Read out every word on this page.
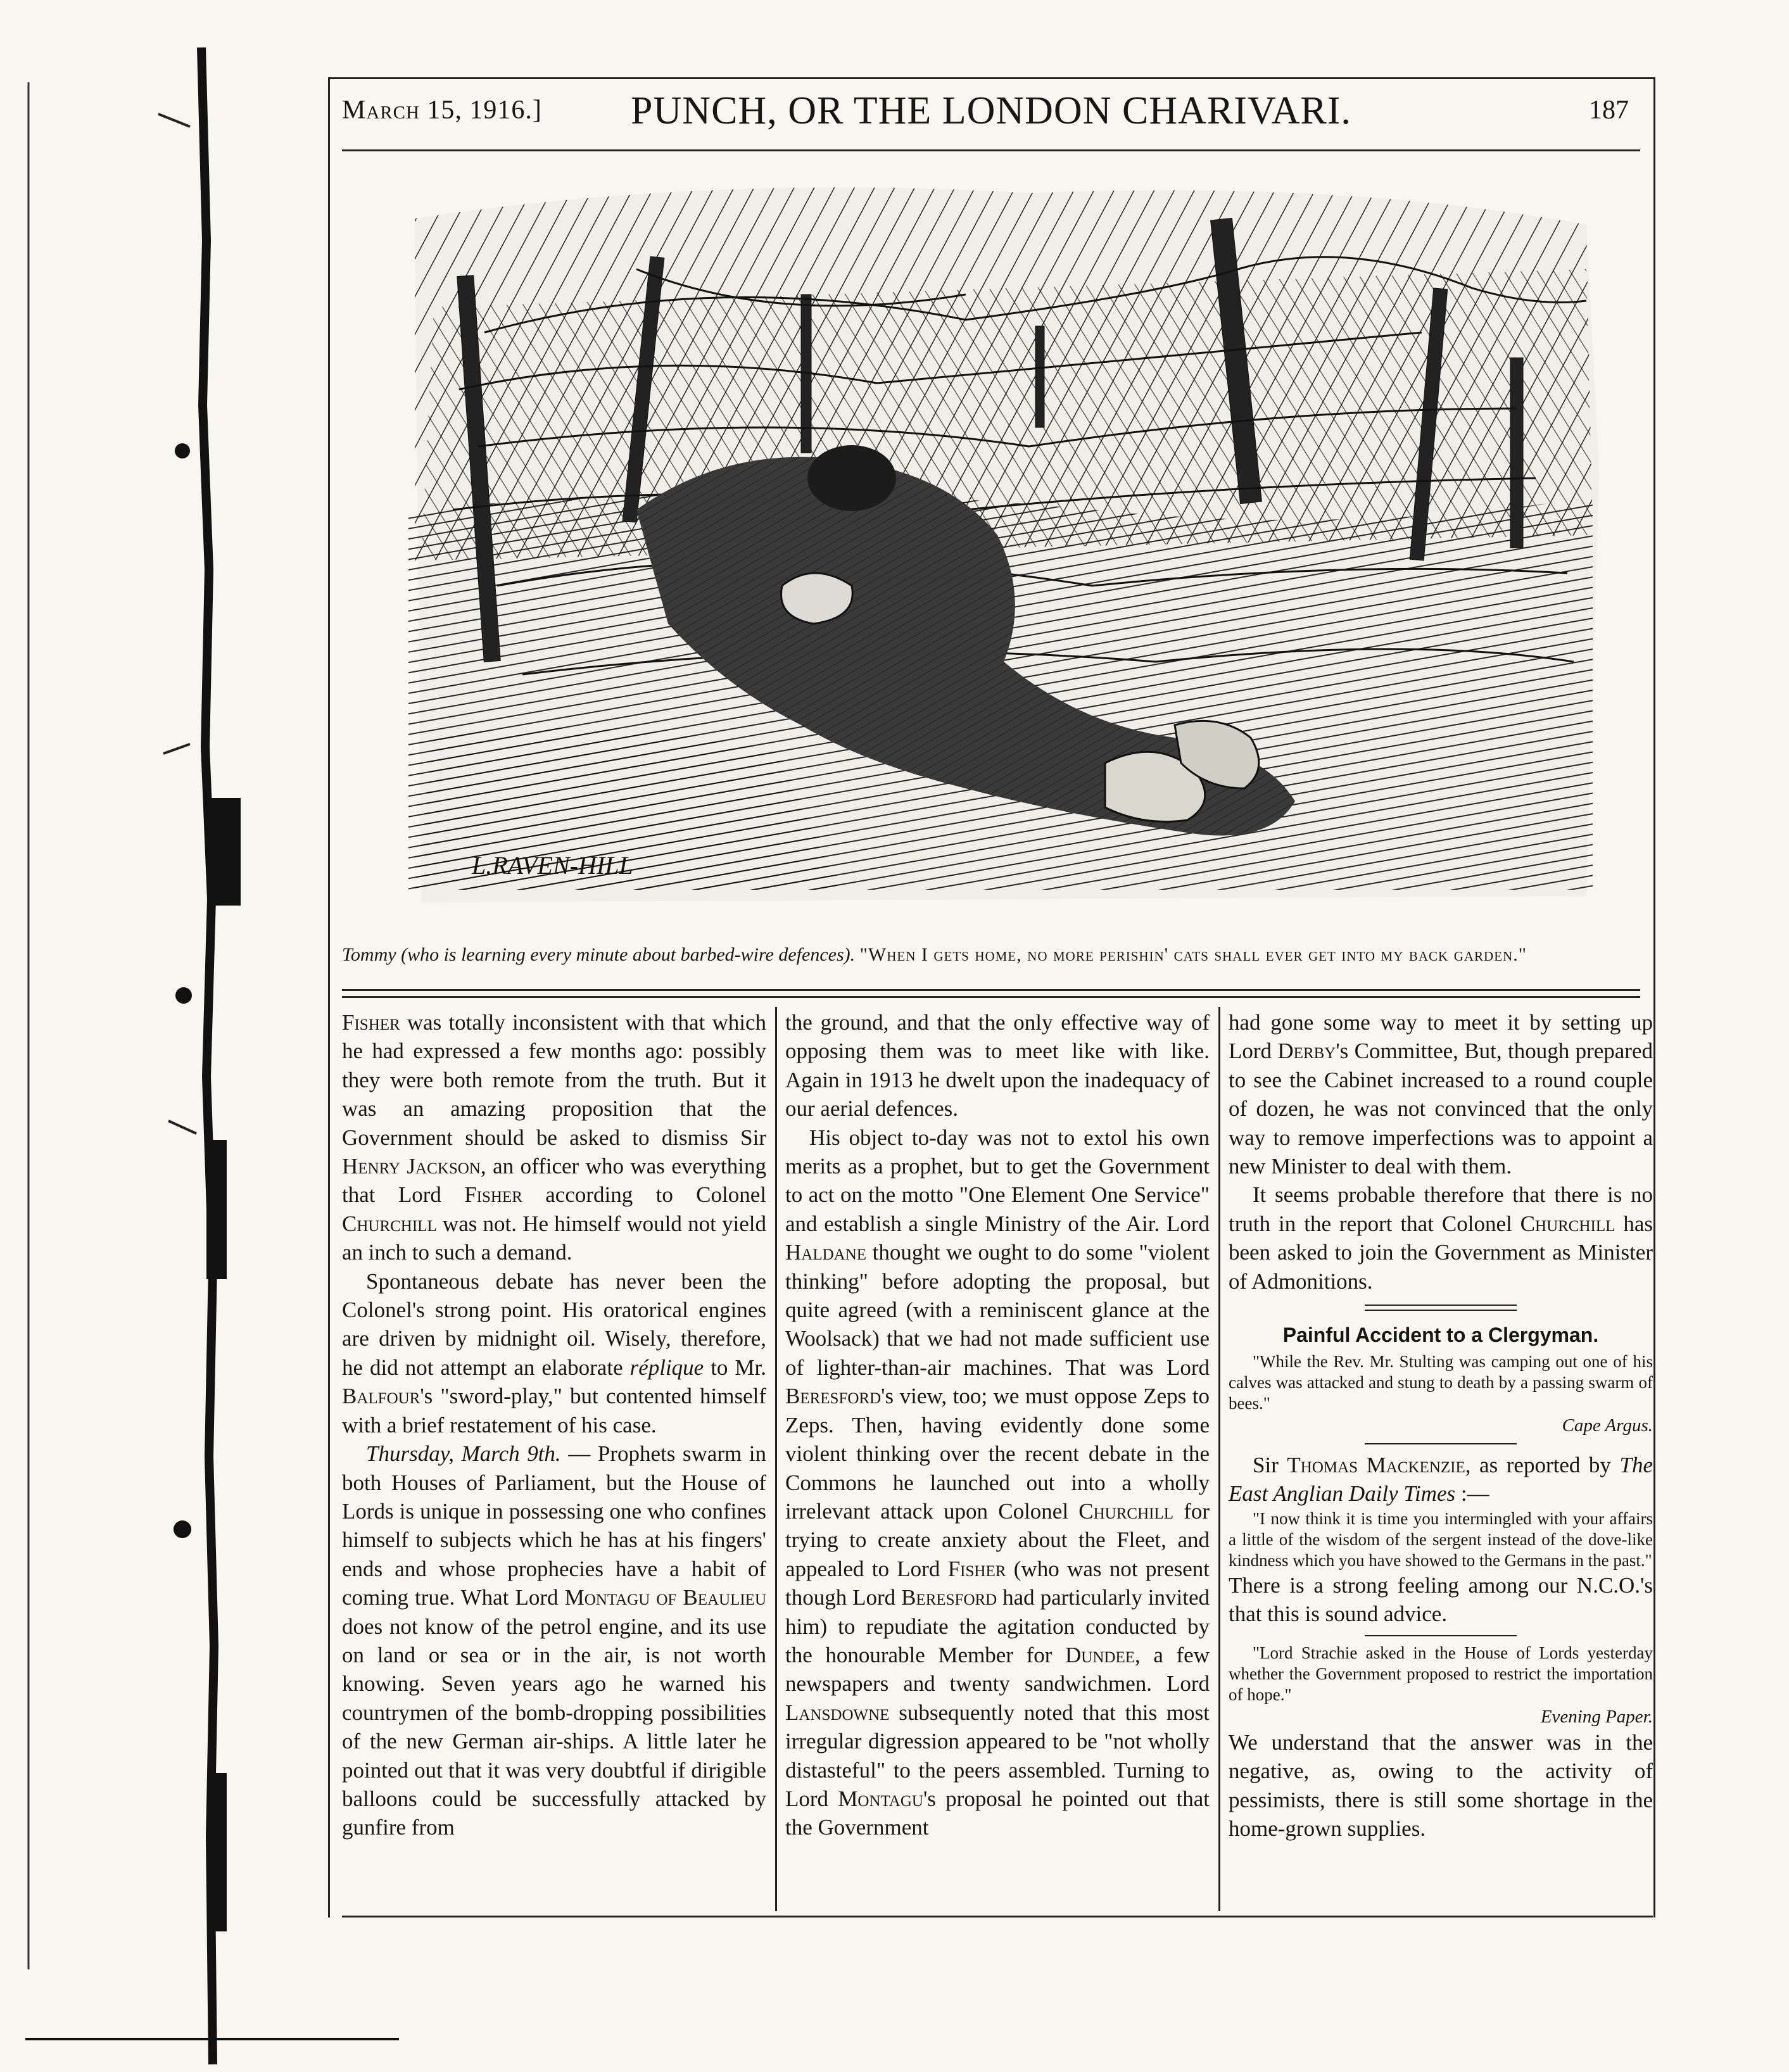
March 15, 1916.]	PUNCH, OR THE LONDON CHARIVARI.	187
L.RAVEN-HILL
Tommy (who is learning every minute about barbed-wire defences). "When I gets home, no more perishin' cats shall ever get into my back garden."

Fisher was totally inconsistent with that which he had expressed a few months ago: possibly they were both remote from the truth. But it was an amazing proposition that the Government should be asked to dismiss Sir Henry Jackson, an officer who was everything that Lord Fisher according to Colonel Churchill was not. He himself would not yield an inch to such a demand.

Spontaneous debate has never been the Colonel's strong point. His oratorical engines are driven by midnight oil. Wisely, therefore, he did not attempt an elaborate réplique to Mr. Balfour's "sword-play," but contented himself with a brief restatement of his case.

Thursday, March 9th. — Prophets swarm in both Houses of Parliament, but the House of Lords is unique in possessing one who confines himself to subjects which he has at his fingers' ends and whose prophecies have a habit of coming true. What Lord Montagu of Beaulieu does not know of the petrol engine, and its use on land or sea or in the air, is not worth knowing. Seven years ago he warned his countrymen of the bomb-dropping possibilities of the new German air-ships. A little later he pointed out that it was very doubtful if dirigible balloons could be successfully attacked by gunfire from

the ground, and that the only effective way of opposing them was to meet like with like. Again in 1913 he dwelt upon the inadequacy of our aerial defences.

His object to-day was not to extol his own merits as a prophet, but to get the Government to act on the motto "One Element One Service" and establish a single Ministry of the Air. Lord Haldane thought we ought to do some "violent thinking" before adopting the proposal, but quite agreed (with a reminiscent glance at the Woolsack) that we had not made sufficient use of lighter-than-air machines. That was Lord Beresford's view, too; we must oppose Zeps to Zeps. Then, having evidently done some violent thinking over the recent debate in the Commons he launched out into a wholly irrelevant attack upon Colonel Churchill for trying to create anxiety about the Fleet, and appealed to Lord Fisher (who was not present though Lord Beresford had particularly invited him) to repudiate the agitation conducted by the honourable Member for Dundee, a few newspapers and twenty sandwichmen. Lord Lansdowne subsequently noted that this most irregular digression appeared to be "not wholly distasteful" to the peers assembled. Turning to Lord Montagu's proposal he pointed out that the Government

had gone some way to meet it by setting up Lord Derby's Committee, But, though prepared to see the Cabinet increased to a round couple of dozen, he was not convinced that the only way to remove imperfections was to appoint a new Minister to deal with them.

It seems probable therefore that there is no truth in the report that Colonel Churchill has been asked to join the Government as Minister of Admonitions.

Painful Accident to a Clergyman.

"While the Rev. Mr. Stulting was camping out one of his calves was attacked and stung to death by a passing swarm of bees."

Cape Argus.

Sir Thomas Mackenzie, as reported by The East Anglian Daily Times :—

"I now think it is time you intermingled with your affairs a little of the wisdom of the sergent instead of the dove-like kindness which you have showed to the Germans in the past."

There is a strong feeling among our N.C.O.'s that this is sound advice.

"Lord Strachie asked in the House of Lords yesterday whether the Government proposed to restrict the importation of hope."

Evening Paper.

We understand that the answer was in the negative, as, owing to the activity of pessimists, there is still some shortage in the home-grown supplies.
